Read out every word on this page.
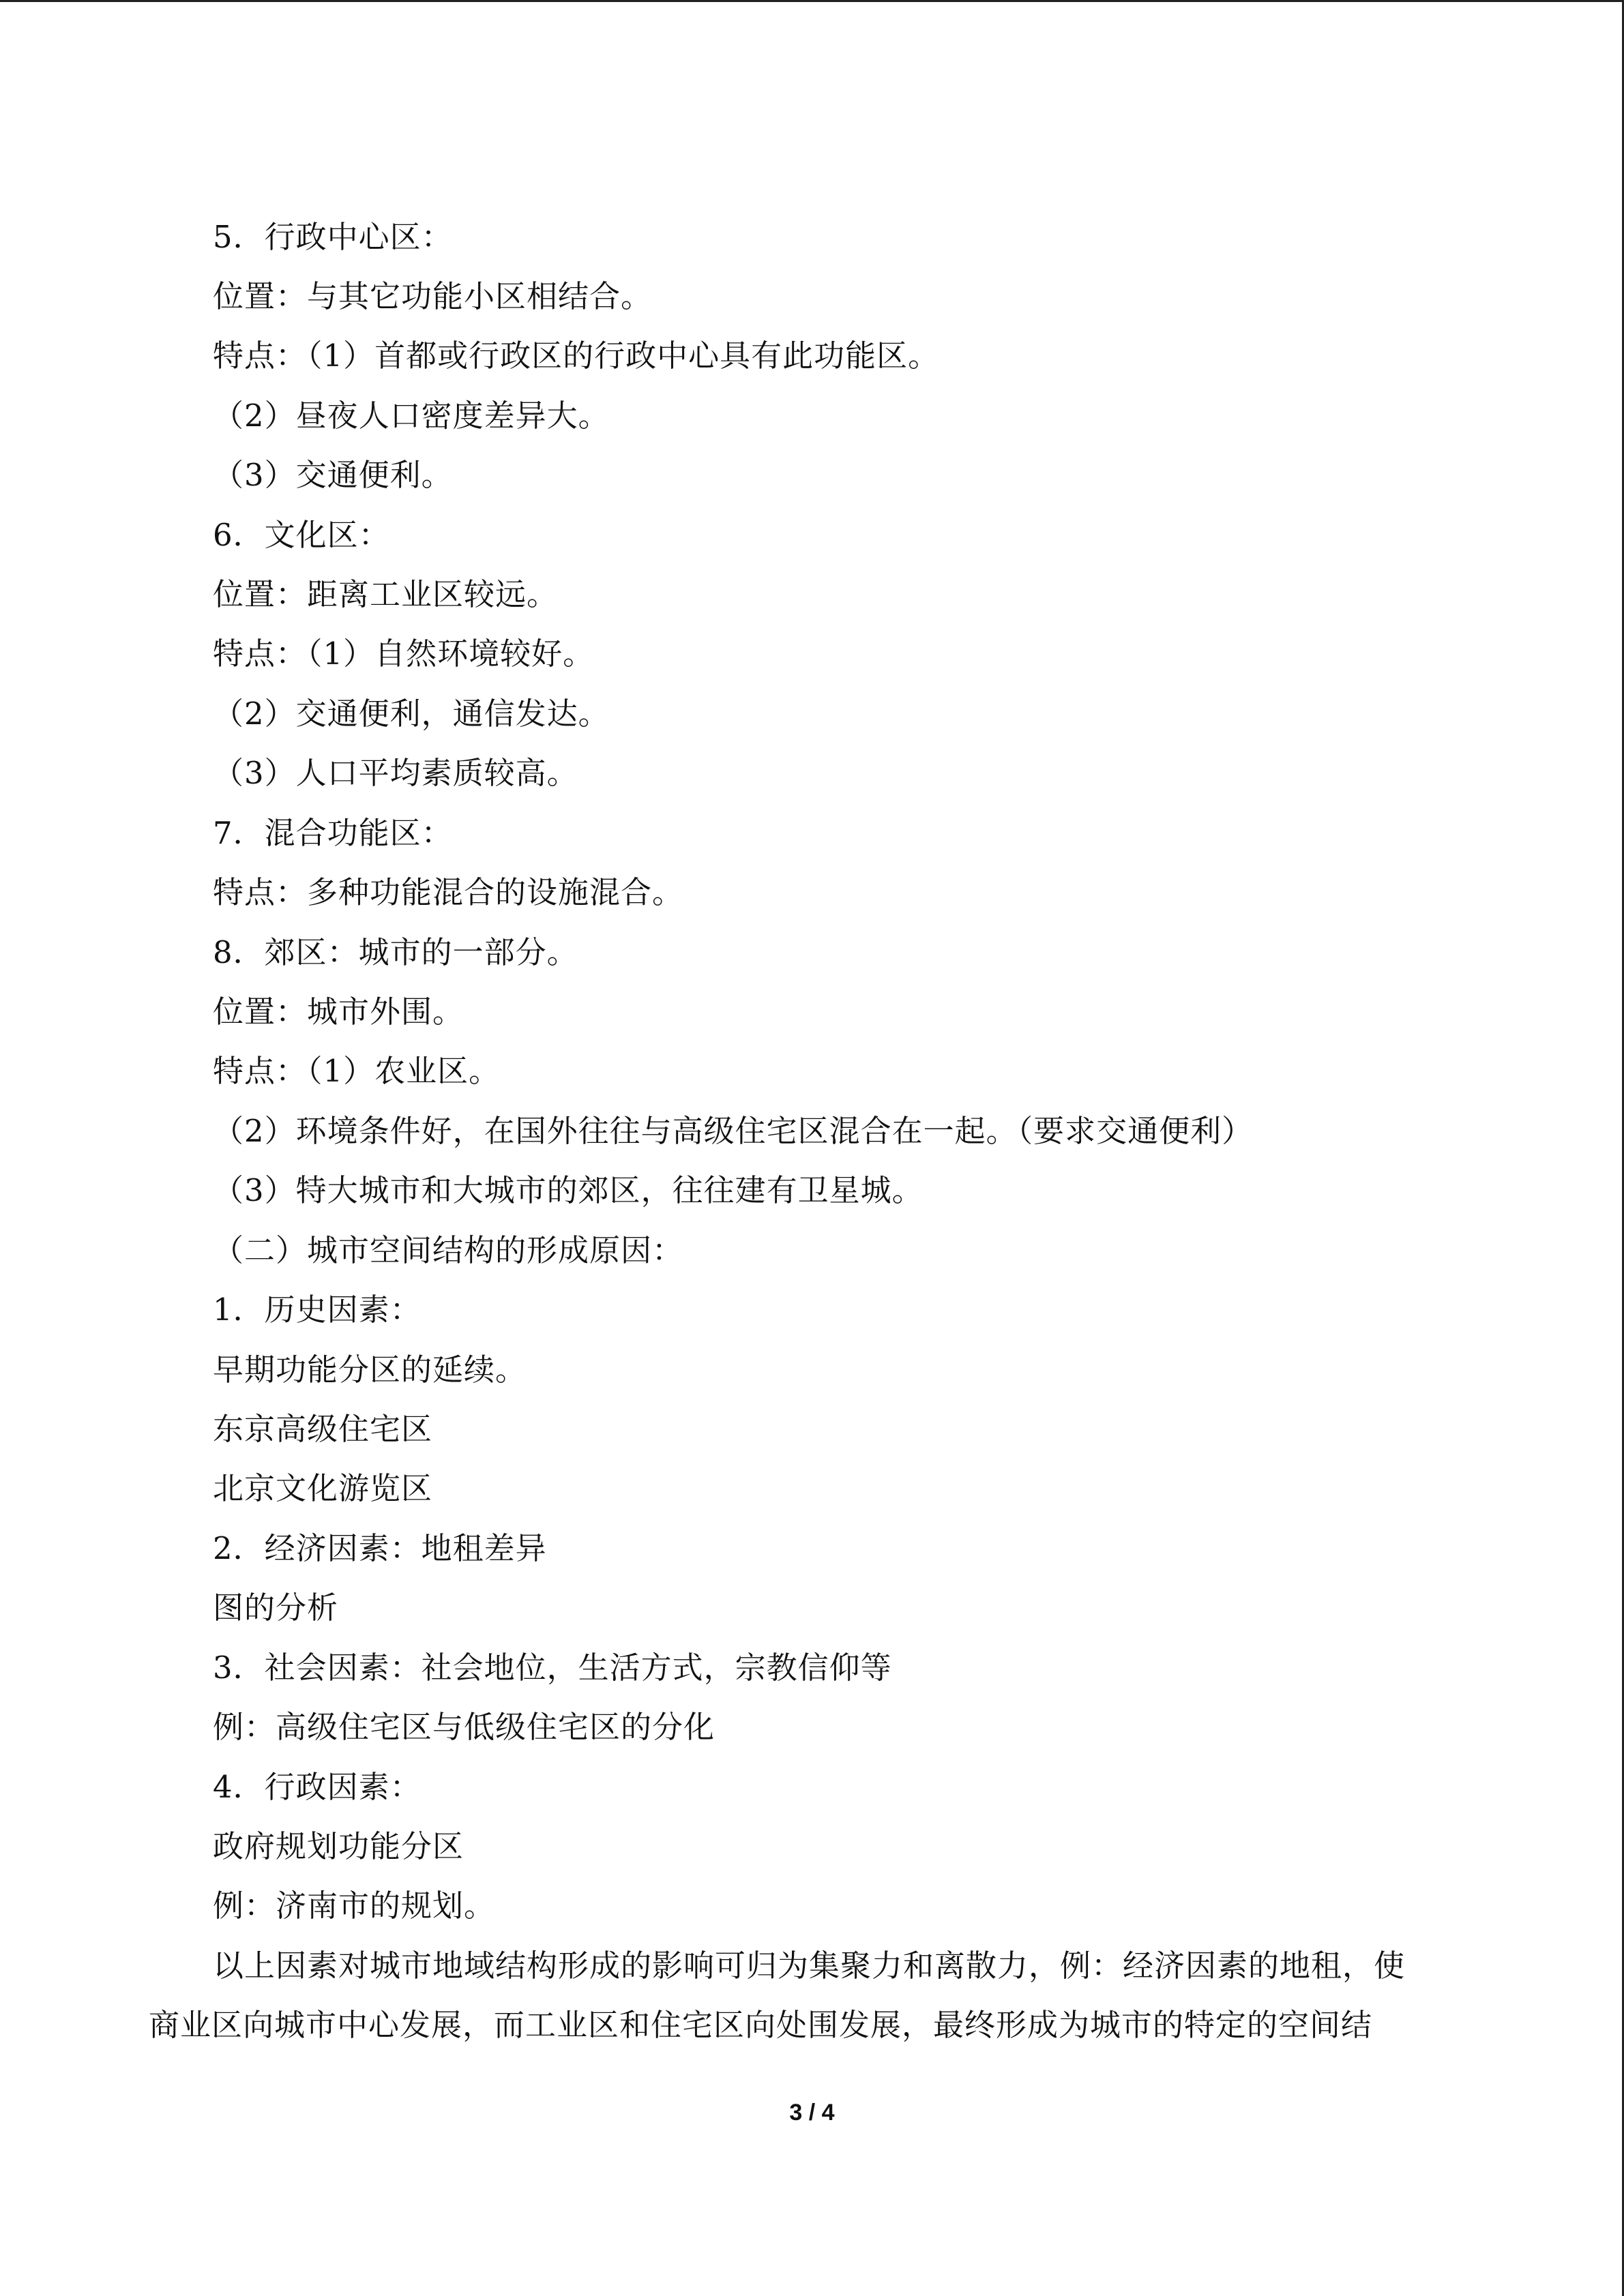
5．行政中心区：
位置：与其它功能小区相结合。
特点：（1）首都或行政区的行政中心具有此功能区。
（2）昼夜人口密度差异大。
（3）交通便利。
6．文化区：
位置：距离工业区较远。
特点：（1）自然环境较好。
（2）交通便利，通信发达。
（3）人口平均素质较高。
7．混合功能区：
特点：多种功能混合的设施混合。
8．郊区：城市的一部分。
位置：城市外围。
特点：（1）农业区。
（2）环境条件好，在国外往往与高级住宅区混合在一起。（要求交通便利）
（3）特大城市和大城市的郊区，往往建有卫星城。
（二）城市空间结构的形成原因：
1．历史因素：
早期功能分区的延续。
东京高级住宅区
北京文化游览区
2．经济因素：地租差异
图的分析
3．社会因素：社会地位，生活方式，宗教信仰等
例：高级住宅区与低级住宅区的分化
4．行政因素：
政府规划功能分区
例：济南市的规划。
以上因素对城市地域结构形成的影响可归为集聚力和离散力，例：经济因素的地租，使
商业区向城市中心发展，而工业区和住宅区向处围发展，最终形成为城市的特定的空间结
3 / 4
